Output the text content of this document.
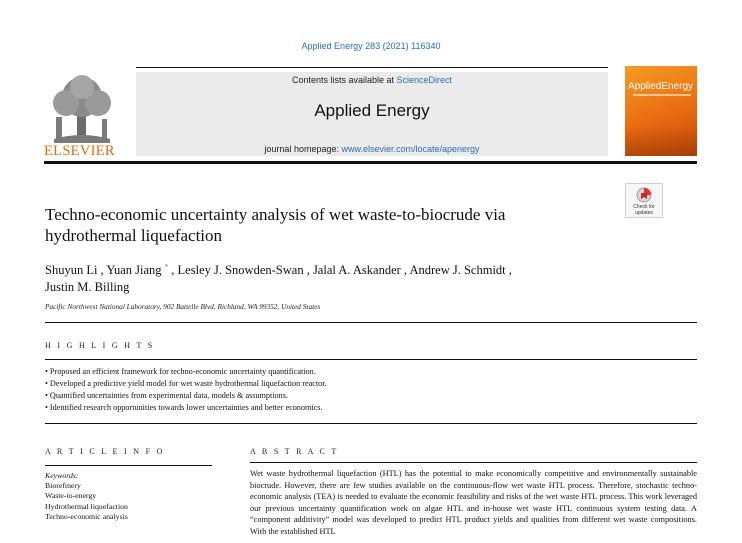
Applied Energy 283 (2021) 116340
ELSEVIER
Contents lists available at ScienceDirect
Applied Energy
journal homepage: www.elsevier.com/locate/apenergy
AppliedEnergy
Check for
updates
Techno-economic uncertainty analysis of wet waste-to-biocrude via
hydrothermal liquefaction
Shuyun Li , Yuan Jiang * , Lesley J. Snowden-Swan , Jalal A. Askander , Andrew J. Schmidt ,
Justin M. Billing
Pacific Northwest National Laboratory, 902 Battelle Blvd, Richland, WA 99352, United States
H I G H L I G H T S
• Proposed an efficient framework for techno-economic uncertainty quantification.
• Developed a predictive yield model for wet waste hydrothermal liquefaction reactor.
• Quantified uncertainties from experimental data, models & assumptions.
• Identified research opportunities towards lower uncertainties and better economics.
A R T I C L E I N F O
Keywords:
Biorefinery
Waste-to-energy
Hydrothermal liquefaction
Techno-economic analysis
A B S T R A C T

Wet waste hydrothermal liquefaction (HTL) has the potential to make economically competitive and environmentally sustainable biocrude. However, there are few studies available on the continuous-flow wet waste HTL process. Therefore, stochastic techno-economic analysis (TEA) is needed to evaluate the economic feasibility and risks of the wet waste HTL process. This work leveraged our previous uncertainty quantification work on algae HTL and in-house wet waste HTL continuous system testing data. A “component additivity” model was developed to predict HTL product yields and qualities from different wet waste compositions. With the established HTL
